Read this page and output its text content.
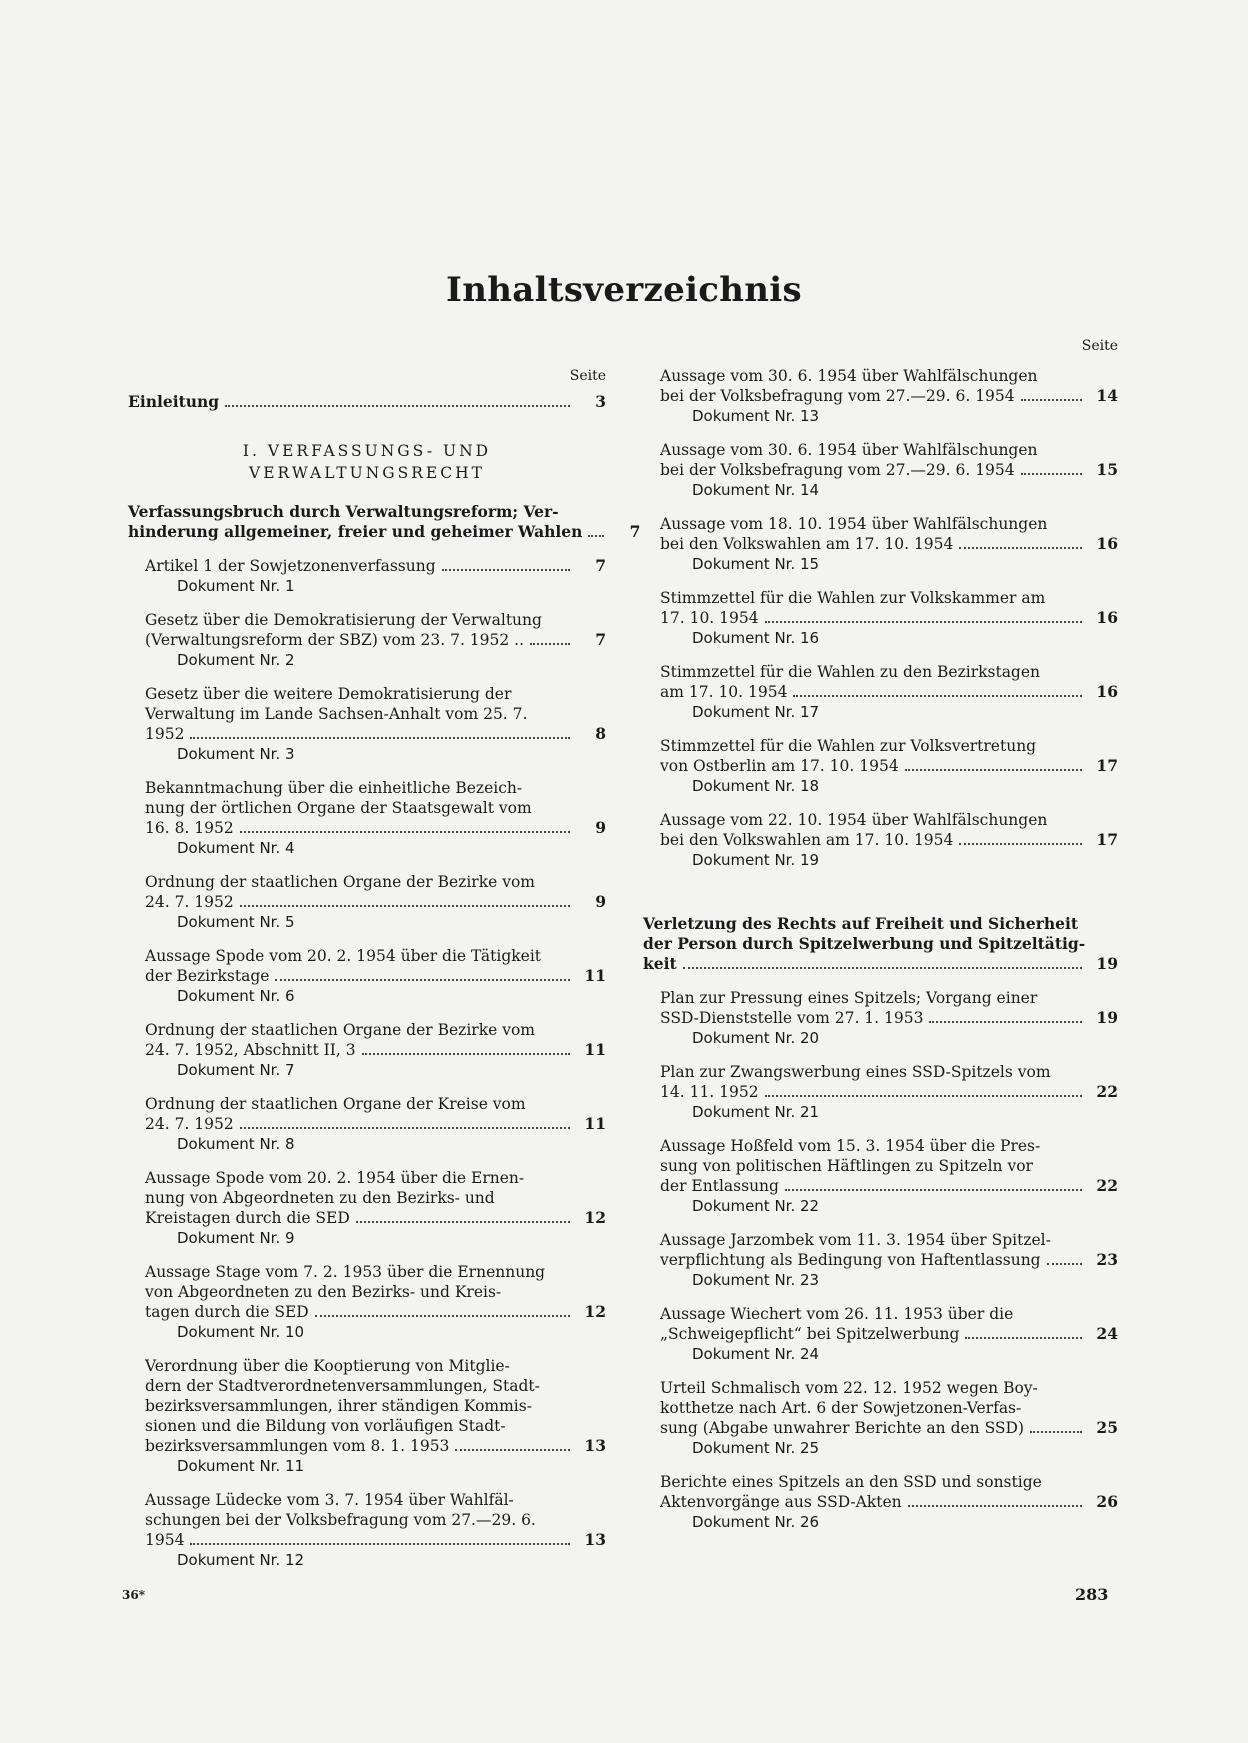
Inhaltsverzeichnis
Seite
Einleitung	3
I. VERFASSUNGS- UND
VERWALTUNGSRECHT
Verfassungsbruch durch Verwaltungsreform; Ver-
hinderung allgemeiner, freier und geheimer Wahlen	7
Artikel 1 der Sowjetzonenverfassung	7
Dokument Nr. 1
Gesetz über die Demokratisierung der Verwaltung
(Verwaltungsreform der SBZ) vom 23. 7. 1952 ..	7
Dokument Nr. 2
Gesetz über die weitere Demokratisierung der
Verwaltung im Lande Sachsen-Anhalt vom 25. 7.
1952	8
Dokument Nr. 3
Bekanntmachung über die einheitliche Bezeich-
nung der örtlichen Organe der Staatsgewalt vom
16. 8. 1952	9
Dokument Nr. 4
Ordnung der staatlichen Organe der Bezirke vom
24. 7. 1952	9
Dokument Nr. 5
Aussage Spode vom 20. 2. 1954 über die Tätigkeit
der Bezirkstage	11
Dokument Nr. 6
Ordnung der staatlichen Organe der Bezirke vom
24. 7. 1952, Abschnitt II, 3	11
Dokument Nr. 7
Ordnung der staatlichen Organe der Kreise vom
24. 7. 1952	11
Dokument Nr. 8
Aussage Spode vom 20. 2. 1954 über die Ernen-
nung von Abgeordneten zu den Bezirks- und
Kreistagen durch die SED	12
Dokument Nr. 9
Aussage Stage vom 7. 2. 1953 über die Ernennung
von Abgeordneten zu den Bezirks- und Kreis-
tagen durch die SED	12
Dokument Nr. 10
Verordnung über die Kooptierung von Mitglie-
dern der Stadtverordnetenversammlungen, Stadt-
bezirksversammlungen, ihrer ständigen Kommis-
sionen und die Bildung von vorläufigen Stadt-
bezirksversammlungen vom 8. 1. 1953	13
Dokument Nr. 11
Aussage Lüdecke vom 3. 7. 1954 über Wahlfäl-
schungen bei der Volksbefragung vom 27.—29. 6.
1954	13
Dokument Nr. 12
Seite
Aussage vom 30. 6. 1954 über Wahlfälschungen
bei der Volksbefragung vom 27.—29. 6. 1954	14
Dokument Nr. 13
Aussage vom 30. 6. 1954 über Wahlfälschungen
bei der Volksbefragung vom 27.—29. 6. 1954	15
Dokument Nr. 14
Aussage vom 18. 10. 1954 über Wahlfälschungen
bei den Volkswahlen am 17. 10. 1954	16
Dokument Nr. 15
Stimmzettel für die Wahlen zur Volkskammer am
17. 10. 1954	16
Dokument Nr. 16
Stimmzettel für die Wahlen zu den Bezirkstagen
am 17. 10. 1954	16
Dokument Nr. 17
Stimmzettel für die Wahlen zur Volksvertretung
von Ostberlin am 17. 10. 1954	17
Dokument Nr. 18
Aussage vom 22. 10. 1954 über Wahlfälschungen
bei den Volkswahlen am 17. 10. 1954	17
Dokument Nr. 19
Verletzung des Rechts auf Freiheit und Sicherheit
der Person durch Spitzelwerbung und Spitzeltätig-
keit	19
Plan zur Pressung eines Spitzels; Vorgang einer
SSD-Dienststelle vom 27. 1. 1953	19
Dokument Nr. 20
Plan zur Zwangswerbung eines SSD-Spitzels vom
14. 11. 1952	22
Dokument Nr. 21
Aussage Hoßfeld vom 15. 3. 1954 über die Pres-
sung von politischen Häftlingen zu Spitzeln vor
der Entlassung	22
Dokument Nr. 22
Aussage Jarzombek vom 11. 3. 1954 über Spitzel-
verpflichtung als Bedingung von Haftentlassung	23
Dokument Nr. 23
Aussage Wiechert vom 26. 11. 1953 über die
„Schweigepflicht“ bei Spitzelwerbung	24
Dokument Nr. 24
Urteil Schmalisch vom 22. 12. 1952 wegen Boy-
kotthetze nach Art. 6 der Sowjetzonen-Verfas-
sung (Abgabe unwahrer Berichte an den SSD)	25
Dokument Nr. 25
Berichte eines Spitzels an den SSD und sonstige
Aktenvorgänge aus SSD-Akten	26
Dokument Nr. 26
36*	283
